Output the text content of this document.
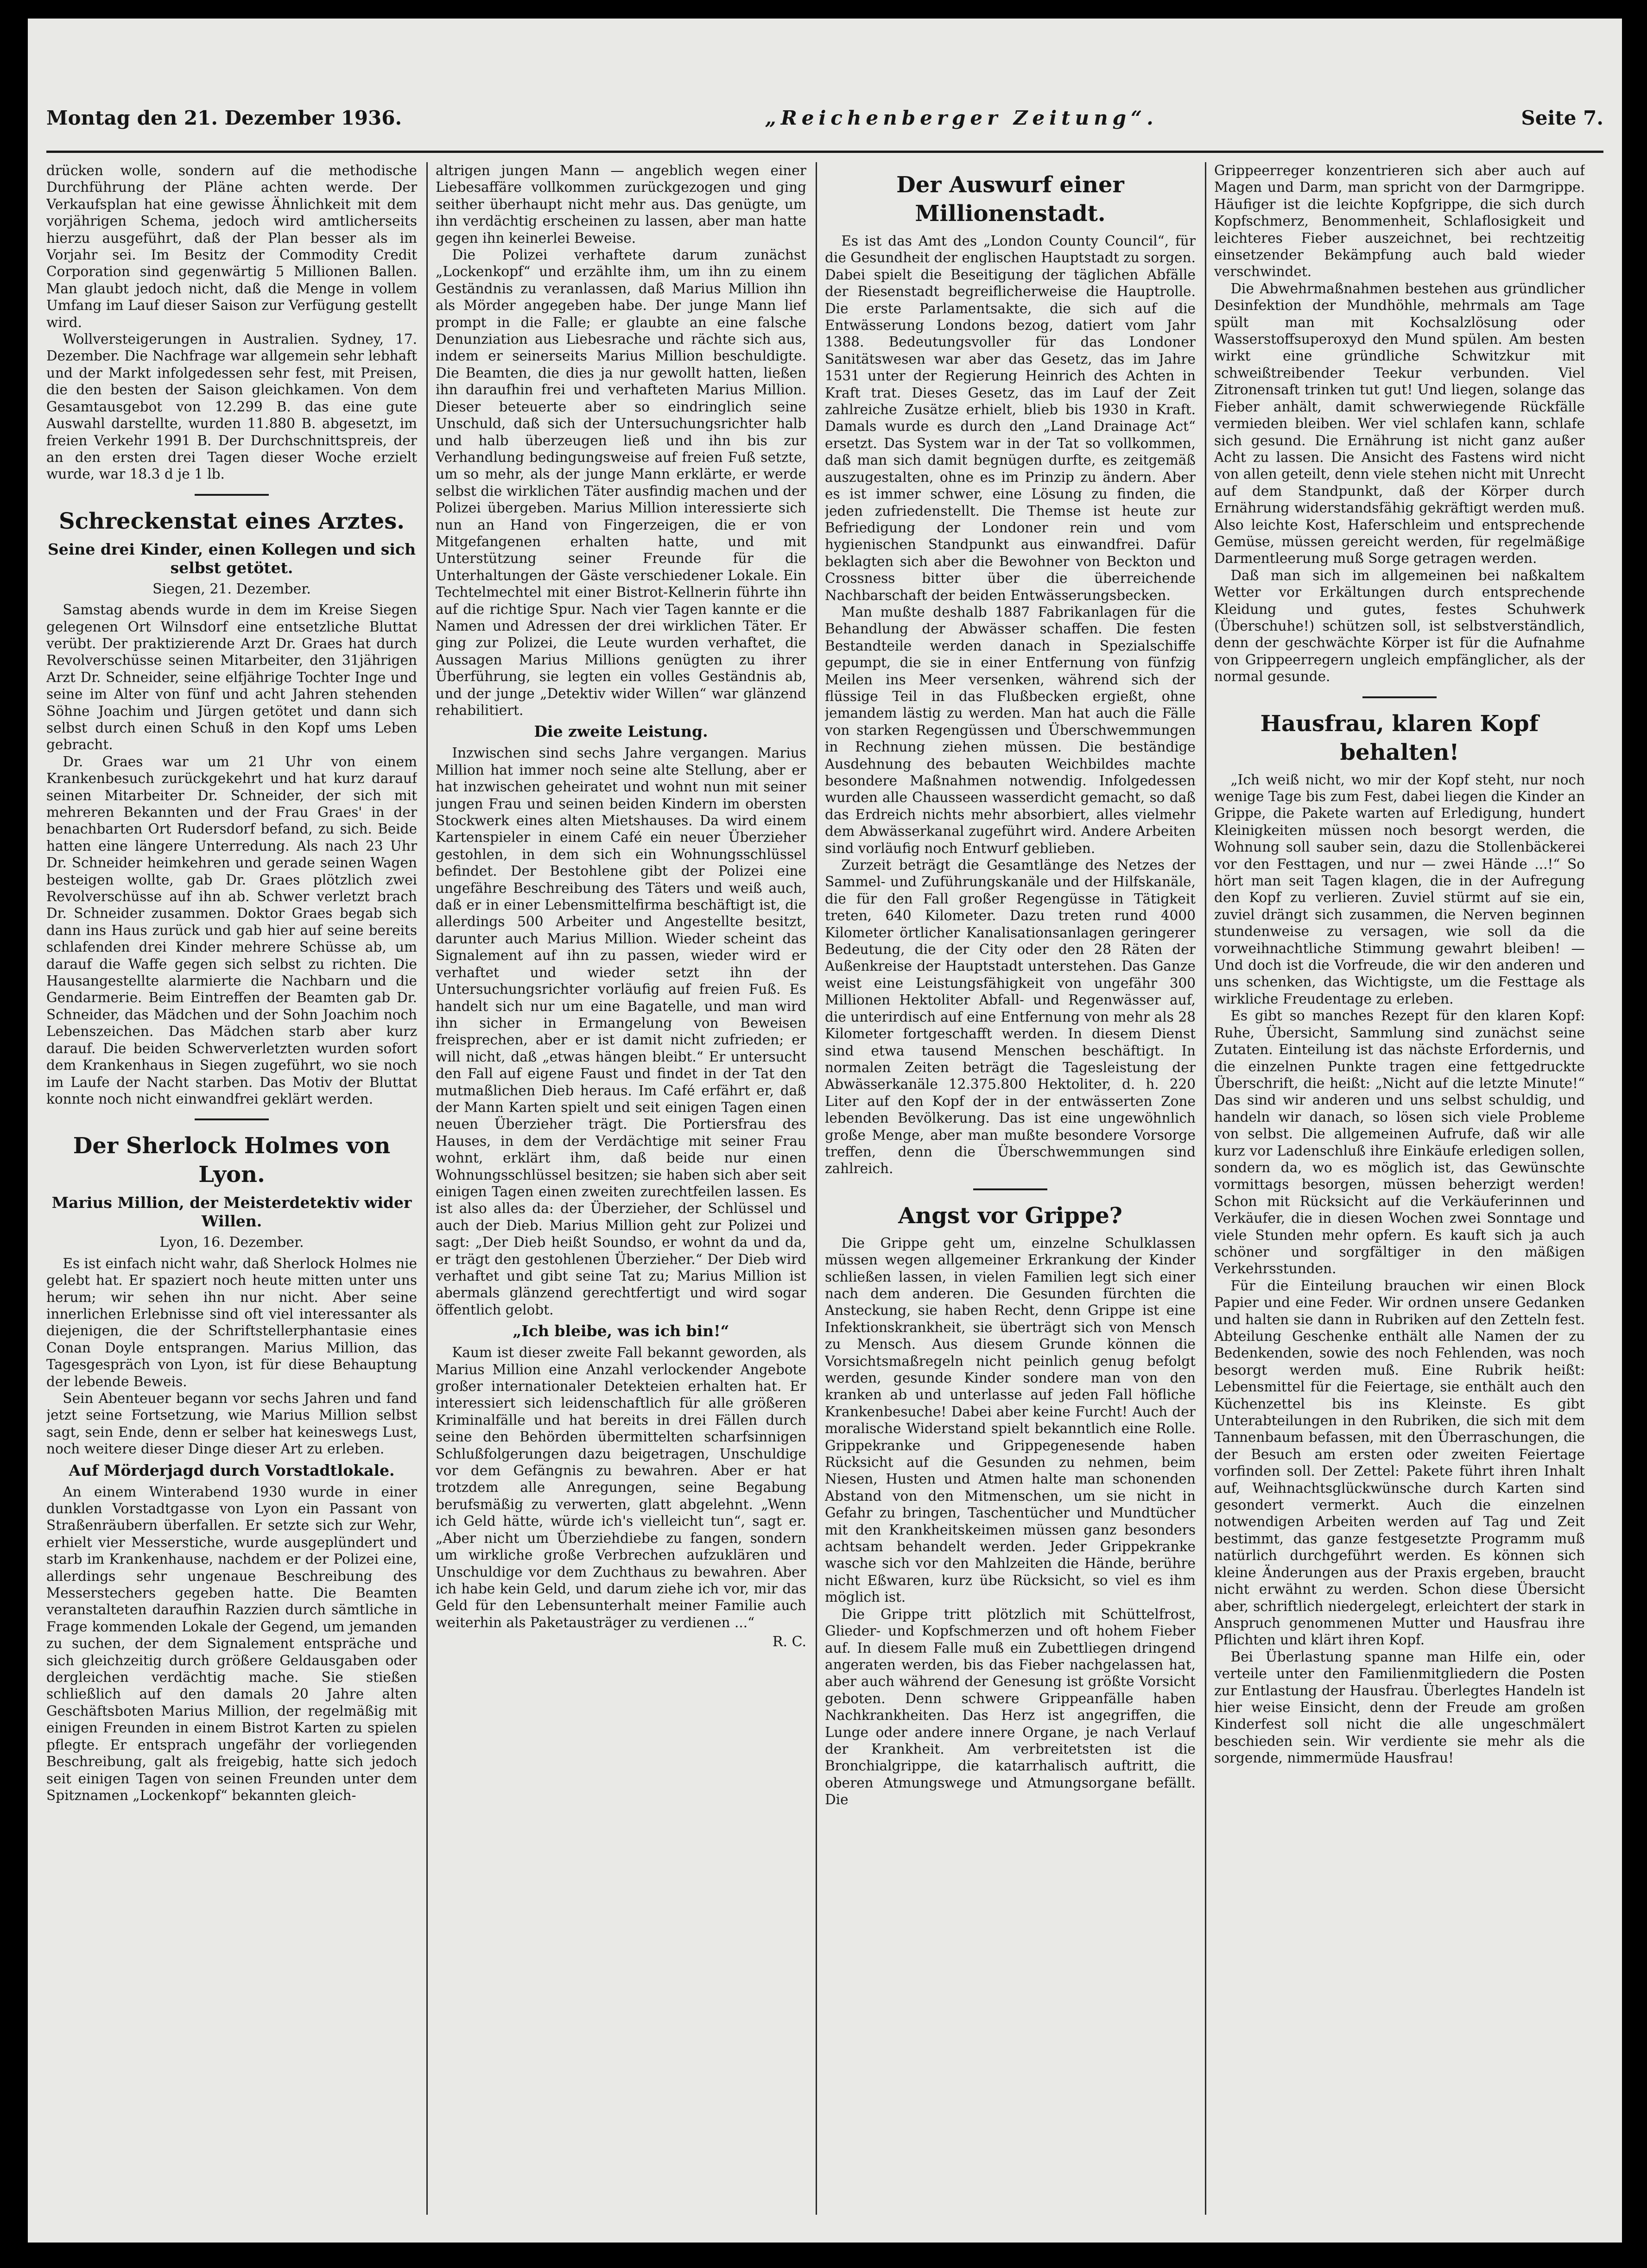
Montag den 21. Dezember 1936.	„Reichenberger Zeitung“.	Seite 7.

drücken wolle, sondern auf die methodische Durchführung der Pläne achten werde. Der Verkaufsplan hat eine gewisse Ähnlichkeit mit dem vorjährigen Schema, jedoch wird amtlicherseits hierzu ausgeführt, daß der Plan besser als im Vorjahr sei. Im Besitz der Commodity Credit Corporation sind gegenwärtig 5 Millionen Ballen. Man glaubt jedoch nicht, daß die Menge in vollem Umfang im Lauf dieser Saison zur Verfügung gestellt wird.

Wollversteigerungen in Australien. Sydney, 17. Dezember. Die Nachfrage war allgemein sehr lebhaft und der Markt infolgedessen sehr fest, mit Preisen, die den besten der Saison gleichkamen. Von dem Gesamtausgebot von 12.299 B. das eine gute Auswahl darstellte, wurden 11.880 B. abgesetzt, im freien Verkehr 1991 B. Der Durchschnittspreis, der an den ersten drei Tagen dieser Woche erzielt wurde, war 18.3 d je 1 lb.

Schreckenstat eines Arztes.
Seine drei Kinder, einen Kollegen und sich selbst getötet.
Siegen, 21. Dezember.

Samstag abends wurde in dem im Kreise Siegen gelegenen Ort Wilnsdorf eine entsetzliche Bluttat verübt. Der praktizierende Arzt Dr. Graes hat durch Revolverschüsse seinen Mitarbeiter, den 31jährigen Arzt Dr. Schneider, seine elfjährige Tochter Inge und seine im Alter von fünf und acht Jahren stehenden Söhne Joachim und Jürgen getötet und dann sich selbst durch einen Schuß in den Kopf ums Leben gebracht.

Dr. Graes war um 21 Uhr von einem Krankenbesuch zurückgekehrt und hat kurz darauf seinen Mitarbeiter Dr. Schneider, der sich mit mehreren Bekannten und der Frau Graes' in der benachbarten Ort Rudersdorf befand, zu sich. Beide hatten eine längere Unterredung. Als nach 23 Uhr Dr. Schneider heimkehren und gerade seinen Wagen besteigen wollte, gab Dr. Graes plötzlich zwei Revolverschüsse auf ihn ab. Schwer verletzt brach Dr. Schneider zusammen. Doktor Graes begab sich dann ins Haus zurück und gab hier auf seine bereits schlafenden drei Kinder mehrere Schüsse ab, um darauf die Waffe gegen sich selbst zu richten. Die Hausangestellte alarmierte die Nachbarn und die Gendarmerie. Beim Eintreffen der Beamten gab Dr. Schneider, das Mädchen und der Sohn Joachim noch Lebenszeichen. Das Mädchen starb aber kurz darauf. Die beiden Schwerverletzten wurden sofort dem Krankenhaus in Siegen zugeführt, wo sie noch im Laufe der Nacht starben. Das Motiv der Bluttat konnte noch nicht einwandfrei geklärt werden.

Der Sherlock Holmes von Lyon.
Marius Million, der Meisterdetektiv wider Willen.
Lyon, 16. Dezember.

Es ist einfach nicht wahr, daß Sherlock Holmes nie gelebt hat. Er spaziert noch heute mitten unter uns herum; wir sehen ihn nur nicht. Aber seine innerlichen Erlebnisse sind oft viel interessanter als diejenigen, die der Schriftstellerphantasie eines Conan Doyle entsprangen. Marius Million, das Tagesgespräch von Lyon, ist für diese Behauptung der lebende Beweis.

Sein Abenteuer begann vor sechs Jahren und fand jetzt seine Fortsetzung, wie Marius Million selbst sagt, sein Ende, denn er selber hat keineswegs Lust, noch weitere dieser Dinge dieser Art zu erleben.

Auf Mörderjagd durch Vorstadtlokale.

An einem Winterabend 1930 wurde in einer dunklen Vorstadtgasse von Lyon ein Passant von Straßenräubern überfallen. Er setzte sich zur Wehr, erhielt vier Messerstiche, wurde ausgeplündert und starb im Krankenhause, nachdem er der Polizei eine, allerdings sehr ungenaue Beschreibung des Messerstechers gegeben hatte. Die Beamten veranstalteten daraufhin Razzien durch sämtliche in Frage kommenden Lokale der Gegend, um jemanden zu suchen, der dem Signalement entspräche und sich gleichzeitig durch größere Geldausgaben oder dergleichen verdächtig mache. Sie stießen schließlich auf den damals 20 Jahre alten Geschäftsboten Marius Million, der regelmäßig mit einigen Freunden in einem Bistrot Karten zu spielen pflegte. Er entsprach ungefähr der vorliegenden Beschreibung, galt als freigebig, hatte sich jedoch seit einigen Tagen von seinen Freunden unter dem Spitznamen „Lockenkopf“ bekannten gleich-

altrigen jungen Mann — angeblich wegen einer Liebesaffäre vollkommen zurückgezogen und ging seither überhaupt nicht mehr aus. Das genügte, um ihn verdächtig erscheinen zu lassen, aber man hatte gegen ihn keinerlei Beweise.

Die Polizei verhaftete darum zunächst „Lockenkopf“ und erzählte ihm, um ihn zu einem Geständnis zu veranlassen, daß Marius Million ihn als Mörder angegeben habe. Der junge Mann lief prompt in die Falle; er glaubte an eine falsche Denunziation aus Liebesrache und rächte sich aus, indem er seinerseits Marius Million beschuldigte. Die Beamten, die dies ja nur gewollt hatten, ließen ihn daraufhin frei und verhafteten Marius Million. Dieser beteuerte aber so eindringlich seine Unschuld, daß sich der Untersuchungsrichter halb und halb überzeugen ließ und ihn bis zur Verhandlung bedingungsweise auf freien Fuß setzte, um so mehr, als der junge Mann erklärte, er werde selbst die wirklichen Täter ausfindig machen und der Polizei übergeben. Marius Million interessierte sich nun an Hand von Fingerzeigen, die er von Mitgefangenen erhalten hatte, und mit Unterstützung seiner Freunde für die Unterhaltungen der Gäste verschiedener Lokale. Ein Techtelmechtel mit einer Bistrot-Kellnerin führte ihn auf die richtige Spur. Nach vier Tagen kannte er die Namen und Adressen der drei wirklichen Täter. Er ging zur Polizei, die Leute wurden verhaftet, die Aussagen Marius Millions genügten zu ihrer Überführung, sie legten ein volles Geständnis ab, und der junge „Detektiv wider Willen“ war glänzend rehabilitiert.

Die zweite Leistung.

Inzwischen sind sechs Jahre vergangen. Marius Million hat immer noch seine alte Stellung, aber er hat inzwischen geheiratet und wohnt nun mit seiner jungen Frau und seinen beiden Kindern im obersten Stockwerk eines alten Mietshauses. Da wird einem Kartenspieler in einem Café ein neuer Überzieher gestohlen, in dem sich ein Wohnungsschlüssel befindet. Der Bestohlene gibt der Polizei eine ungefähre Beschreibung des Täters und weiß auch, daß er in einer Lebensmittelfirma beschäftigt ist, die allerdings 500 Arbeiter und Angestellte besitzt, darunter auch Marius Million. Wieder scheint das Signalement auf ihn zu passen, wieder wird er verhaftet und wieder setzt ihn der Untersuchungsrichter vorläufig auf freien Fuß. Es handelt sich nur um eine Bagatelle, und man wird ihn sicher in Ermangelung von Beweisen freisprechen, aber er ist damit nicht zufrieden; er will nicht, daß „etwas hängen bleibt.“ Er untersucht den Fall auf eigene Faust und findet in der Tat den mutmaßlichen Dieb heraus. Im Café erfährt er, daß der Mann Karten spielt und seit einigen Tagen einen neuen Überzieher trägt. Die Portiersfrau des Hauses, in dem der Verdächtige mit seiner Frau wohnt, erklärt ihm, daß beide nur einen Wohnungsschlüssel besitzen; sie haben sich aber seit einigen Tagen einen zweiten zurechtfeilen lassen. Es ist also alles da: der Überzieher, der Schlüssel und auch der Dieb. Marius Million geht zur Polizei und sagt: „Der Dieb heißt Soundso, er wohnt da und da, er trägt den gestohlenen Überzieher.“ Der Dieb wird verhaftet und gibt seine Tat zu; Marius Million ist abermals glänzend gerechtfertigt und wird sogar öffentlich gelobt.

„Ich bleibe, was ich bin!“

Kaum ist dieser zweite Fall bekannt geworden, als Marius Million eine Anzahl verlockender Angebote großer internationaler Detekteien erhalten hat. Er interessiert sich leidenschaftlich für alle größeren Kriminalfälle und hat bereits in drei Fällen durch seine den Behörden übermittelten scharfsinnigen Schlußfolgerungen dazu beigetragen, Unschuldige vor dem Gefängnis zu bewahren. Aber er hat trotzdem alle Anregungen, seine Begabung berufsmäßig zu verwerten, glatt abgelehnt. „Wenn ich Geld hätte, würde ich's vielleicht tun“, sagt er. „Aber nicht um Überziehdiebe zu fangen, sondern um wirkliche große Verbrechen aufzuklären und Unschuldige vor dem Zuchthaus zu bewahren. Aber ich habe kein Geld, und darum ziehe ich vor, mir das Geld für den Lebensunterhalt meiner Familie auch weiterhin als Paketausträger zu verdienen ...“

R. C.
Der Auswurf einer Millionenstadt.

Es ist das Amt des „London County Council“, für die Gesundheit der englischen Hauptstadt zu sorgen. Dabei spielt die Beseitigung der täglichen Abfälle der Riesenstadt begreiflicherweise die Hauptrolle. Die erste Parlamentsakte, die sich auf die Entwässerung Londons bezog, datiert vom Jahr 1388. Bedeutungsvoller für das Londoner Sanitätswesen war aber das Gesetz, das im Jahre 1531 unter der Regierung Heinrich des Achten in Kraft trat. Dieses Gesetz, das im Lauf der Zeit zahlreiche Zusätze erhielt, blieb bis 1930 in Kraft. Damals wurde es durch den „Land Drainage Act“ ersetzt. Das System war in der Tat so vollkommen, daß man sich damit begnügen durfte, es zeitgemäß auszugestalten, ohne es im Prinzip zu ändern. Aber es ist immer schwer, eine Lösung zu finden, die jeden zufriedenstellt. Die Themse ist heute zur Befriedigung der Londoner rein und vom hygienischen Standpunkt aus einwandfrei. Dafür beklagten sich aber die Bewohner von Beckton und Crossness bitter über die überreichende Nachbarschaft der beiden Entwässerungsbecken.

Man mußte deshalb 1887 Fabrikanlagen für die Behandlung der Abwässer schaffen. Die festen Bestandteile werden danach in Spezialschiffe gepumpt, die sie in einer Entfernung von fünfzig Meilen ins Meer versenken, während sich der flüssige Teil in das Flußbecken ergießt, ohne jemandem lästig zu werden. Man hat auch die Fälle von starken Regengüssen und Überschwemmungen in Rechnung ziehen müssen. Die beständige Ausdehnung des bebauten Weichbildes machte besondere Maßnahmen notwendig. Infolgedessen wurden alle Chausseen wasserdicht gemacht, so daß das Erdreich nichts mehr absorbiert, alles vielmehr dem Abwässerkanal zugeführt wird. Andere Arbeiten sind vorläufig noch Entwurf geblieben.

Zurzeit beträgt die Gesamtlänge des Netzes der Sammel- und Zuführungskanäle und der Hilfskanäle, die für den Fall großer Regengüsse in Tätigkeit treten, 640 Kilometer. Dazu treten rund 4000 Kilometer örtlicher Kanalisationsanlagen geringerer Bedeutung, die der City oder den 28 Räten der Außenkreise der Hauptstadt unterstehen. Das Ganze weist eine Leistungsfähigkeit von ungefähr 300 Millionen Hektoliter Abfall- und Regenwässer auf, die unterirdisch auf eine Entfernung von mehr als 28 Kilometer fortgeschafft werden. In diesem Dienst sind etwa tausend Menschen beschäftigt. In normalen Zeiten beträgt die Tagesleistung der Abwässerkanäle 12.375.800 Hektoliter, d. h. 220 Liter auf den Kopf der in der entwässerten Zone lebenden Bevölkerung. Das ist eine ungewöhnlich große Menge, aber man mußte besondere Vorsorge treffen, denn die Überschwemmungen sind zahlreich.

Angst vor Grippe?

Die Grippe geht um, einzelne Schulklassen müssen wegen allgemeiner Erkrankung der Kinder schließen lassen, in vielen Familien legt sich einer nach dem anderen. Die Gesunden fürchten die Ansteckung, sie haben Recht, denn Grippe ist eine Infektionskrankheit, sie überträgt sich von Mensch zu Mensch. Aus diesem Grunde können die Vorsichtsmaßregeln nicht peinlich genug befolgt werden, gesunde Kinder sondere man von den kranken ab und unterlasse auf jeden Fall höfliche Krankenbesuche! Dabei aber keine Furcht! Auch der moralische Widerstand spielt bekanntlich eine Rolle. Grippekranke und Grippegenesende haben Rücksicht auf die Gesunden zu nehmen, beim Niesen, Husten und Atmen halte man schonenden Abstand von den Mitmenschen, um sie nicht in Gefahr zu bringen, Taschentücher und Mundtücher mit den Krankheitskeimen müssen ganz besonders achtsam behandelt werden. Jeder Grippekranke wasche sich vor den Mahlzeiten die Hände, berühre nicht Eßwaren, kurz übe Rücksicht, so viel es ihm möglich ist.

Die Grippe tritt plötzlich mit Schüttelfrost, Glieder- und Kopfschmerzen und oft hohem Fieber auf. In diesem Falle muß ein Zubettliegen dringend angeraten werden, bis das Fieber nachgelassen hat, aber auch während der Genesung ist größte Vorsicht geboten. Denn schwere Grippeanfälle haben Nachkrankheiten. Das Herz ist angegriffen, die Lunge oder andere innere Organe, je nach Verlauf der Krankheit. Am verbreitetsten ist die Bronchialgrippe, die katarrhalisch auftritt, die oberen Atmungswege und Atmungsorgane befällt. Die

Grippeerreger konzentrieren sich aber auch auf Magen und Darm, man spricht von der Darmgrippe. Häufiger ist die leichte Kopfgrippe, die sich durch Kopfschmerz, Benommenheit, Schlaflosigkeit und leichteres Fieber auszeichnet, bei rechtzeitig einsetzender Bekämpfung auch bald wieder verschwindet.

Die Abwehrmaßnahmen bestehen aus gründlicher Desinfektion der Mundhöhle, mehrmals am Tage spült man mit Kochsalzlösung oder Wasserstoffsuperoxyd den Mund spülen. Am besten wirkt eine gründliche Schwitzkur mit schweißtreibender Teekur verbunden. Viel Zitronensaft trinken tut gut! Und liegen, solange das Fieber anhält, damit schwerwiegende Rückfälle vermieden bleiben. Wer viel schlafen kann, schlafe sich gesund. Die Ernährung ist nicht ganz außer Acht zu lassen. Die Ansicht des Fastens wird nicht von allen geteilt, denn viele stehen nicht mit Unrecht auf dem Standpunkt, daß der Körper durch Ernährung widerstandsfähig gekräftigt werden muß. Also leichte Kost, Haferschleim und entsprechende Gemüse, müssen gereicht werden, für regelmäßige Darmentleerung muß Sorge getragen werden.

Daß man sich im allgemeinen bei naßkaltem Wetter vor Erkältungen durch entsprechende Kleidung und gutes, festes Schuhwerk (Überschuhe!) schützen soll, ist selbstverständlich, denn der geschwächte Körper ist für die Aufnahme von Grippeerregern ungleich empfänglicher, als der normal gesunde.

Hausfrau, klaren Kopf behalten!

„Ich weiß nicht, wo mir der Kopf steht, nur noch wenige Tage bis zum Fest, dabei liegen die Kinder an Grippe, die Pakete warten auf Erledigung, hundert Kleinigkeiten müssen noch besorgt werden, die Wohnung soll sauber sein, dazu die Stollenbäckerei vor den Festtagen, und nur — zwei Hände ...!“ So hört man seit Tagen klagen, die in der Aufregung den Kopf zu verlieren. Zuviel stürmt auf sie ein, zuviel drängt sich zusammen, die Nerven beginnen stundenweise zu versagen, wie soll da die vorweihnachtliche Stimmung gewahrt bleiben! — Und doch ist die Vorfreude, die wir den anderen und uns schenken, das Wichtigste, um die Festtage als wirkliche Freudentage zu erleben.

Es gibt so manches Rezept für den klaren Kopf: Ruhe, Übersicht, Sammlung sind zunächst seine Zutaten. Einteilung ist das nächste Erfordernis, und die einzelnen Punkte tragen eine fettgedruckte Überschrift, die heißt: „Nicht auf die letzte Minute!“ Das sind wir anderen und uns selbst schuldig, und handeln wir danach, so lösen sich viele Probleme von selbst. Die allgemeinen Aufrufe, daß wir alle kurz vor Ladenschluß ihre Einkäufe erledigen sollen, sondern da, wo es möglich ist, das Gewünschte vormittags besorgen, müssen beherzigt werden! Schon mit Rücksicht auf die Verkäuferinnen und Verkäufer, die in diesen Wochen zwei Sonntage und viele Stunden mehr opfern. Es kauft sich ja auch schöner und sorgfältiger in den mäßigen Verkehrsstunden.

Für die Einteilung brauchen wir einen Block Papier und eine Feder. Wir ordnen unsere Gedanken und halten sie dann in Rubriken auf den Zetteln fest. Abteilung Geschenke enthält alle Namen der zu Bedenkenden, sowie des noch Fehlenden, was noch besorgt werden muß. Eine Rubrik heißt: Lebensmittel für die Feiertage, sie enthält auch den Küchenzettel bis ins Kleinste. Es gibt Unterabteilungen in den Rubriken, die sich mit dem Tannenbaum befassen, mit den Überraschungen, die der Besuch am ersten oder zweiten Feiertage vorfinden soll. Der Zettel: Pakete führt ihren Inhalt auf, Weihnachtsglückwünsche durch Karten sind gesondert vermerkt. Auch die einzelnen notwendigen Arbeiten werden auf Tag und Zeit bestimmt, das ganze festgesetzte Programm muß natürlich durchgeführt werden. Es können sich kleine Änderungen aus der Praxis ergeben, braucht nicht erwähnt zu werden. Schon diese Übersicht aber, schriftlich niedergelegt, erleichtert der stark in Anspruch genommenen Mutter und Hausfrau ihre Pflichten und klärt ihren Kopf.

Bei Überlastung spanne man Hilfe ein, oder verteile unter den Familienmitgliedern die Posten zur Entlastung der Hausfrau. Überlegtes Handeln ist hier weise Einsicht, denn der Freude am großen Kinderfest soll nicht die alle ungeschmälert beschieden sein. Wir verdiente sie mehr als die sorgende, nimmermüde Hausfrau!
